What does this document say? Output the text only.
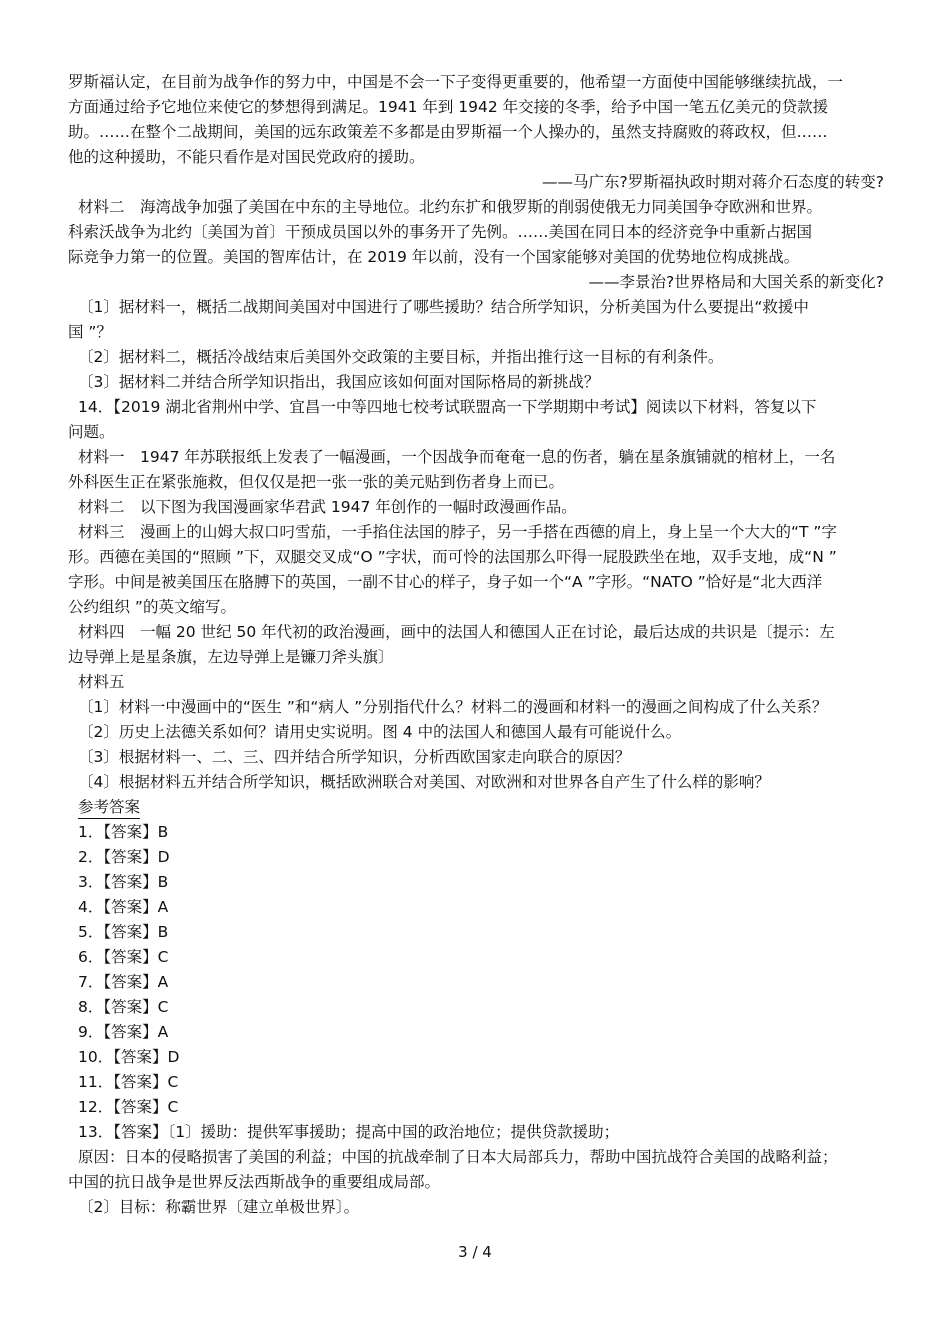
罗斯福认定，在目前为战争作的努力中，中国是不会一下子变得更重要的，他希望一方面使中国能够继续抗战，一
方面通过给予它地位来使它的梦想得到满足。1941 年到 1942 年交接的冬季，给予中国一笔五亿美元的贷款援
助。……在整个二战期间，美国的远东政策差不多都是由罗斯福一个人操办的，虽然支持腐败的蒋政权，但……
他的这种援助，不能只看作是对国民党政府的援助。
——马广东?罗斯福执政时期对蒋介石态度的转变?
材料二　海湾战争加强了美国在中东的主导地位。北约东扩和俄罗斯的削弱使俄无力同美国争夺欧洲和世界。
科索沃战争为北约〔美国为首〕干预成员国以外的事务开了先例。……美国在同日本的经济竞争中重新占据国
际竞争力第一的位置。美国的智库估计，在 2019 年以前，没有一个国家能够对美国的优势地位构成挑战。
——李景治?世界格局和大国关系的新变化?
〔1〕据材料一，概括二战期间美国对中国进行了哪些援助？结合所学知识，分析美国为什么要提出“救援中
国 ”？
〔2〕据材料二，概括冷战结束后美国外交政策的主要目标，并指出推行这一目标的有利条件。
〔3〕据材料二并结合所学知识指出，我国应该如何面对国际格局的新挑战？
14．【2019 湖北省荆州中学、宜昌一中等四地七校考试联盟高一下学期期中考试】阅读以下材料，答复以下
问题。
材料一　1947 年苏联报纸上发表了一幅漫画，一个因战争而奄奄一息的伤者，躺在星条旗铺就的棺材上，一名
外科医生正在紧张施救，但仅仅是把一张一张的美元贴到伤者身上而已。
材料二　以下图为我国漫画家华君武 1947 年创作的一幅时政漫画作品。
材料三　漫画上的山姆大叔口叼雪茄，一手掐住法国的脖子，另一手搭在西德的肩上，身上呈一个大大的“T ”字
形。西德在美国的“照顾 ”下，双腿交叉成“O ”字状，而可怜的法国那么吓得一屁股跌坐在地，双手支地，成“N ”
字形。中间是被美国压在胳膊下的英国，一副不甘心的样子，身子如一个“A ”字形。“NATO ”恰好是“北大西洋
公约组织 ”的英文缩写。
材料四　一幅 20 世纪 50 年代初的政治漫画，画中的法国人和德国人正在讨论，最后达成的共识是〔提示：左
边导弹上是星条旗，左边导弹上是镰刀斧头旗〕
材料五
〔1〕材料一中漫画中的“医生 ”和“病人 ”分别指代什么？材料二的漫画和材料一的漫画之间构成了什么关系？
〔2〕历史上法德关系如何？请用史实说明。图 4 中的法国人和德国人最有可能说什么。
〔3〕根据材料一、二、三、四并结合所学知识，分析西欧国家走向联合的原因？
〔4〕根据材料五并结合所学知识，概括欧洲联合对美国、对欧洲和对世界各自产生了什么样的影响？
参考答案
1．【答案】B
2．【答案】D
3．【答案】B
4．【答案】A
5．【答案】B
6．【答案】C
7．【答案】A
8．【答案】C
9．【答案】A
10．【答案】D
11．【答案】C
12．【答案】C
13．【答案】〔1〕援助：提供军事援助；提高中国的政治地位；提供贷款援助；
原因：日本的侵略损害了美国的利益；中国的抗战牵制了日本大局部兵力，帮助中国抗战符合美国的战略利益；
中国的抗日战争是世界反法西斯战争的重要组成局部。
〔2〕目标：称霸世界〔建立单极世界〕。
3 / 4
